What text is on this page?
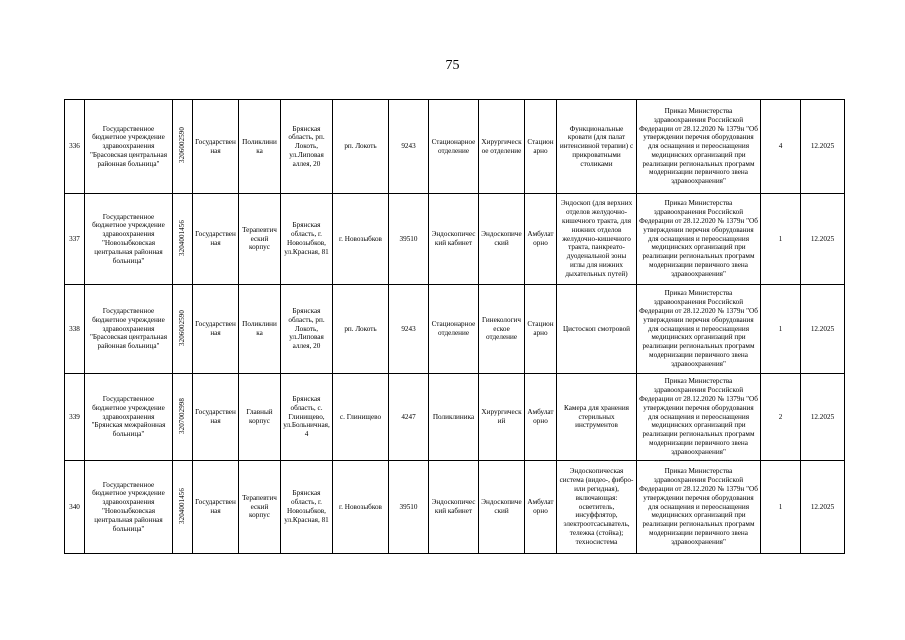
75
336	Государственное бюджетное учреждение здравоохранения "Брасовская центральная районная больница"	3206002590	Государственная	Поликлиника	Брянская область, рп. Локоть, ул.Липовая аллея, 20	рп. Локоть	9243	Стационарное отделение	Хирургическое отделение	Стационарно	Функциональные кровати (для палат интенсивной терапии) с прикроватными столиками	Приказ Министерства здравоохранения Российской Федерации от 28.12.2020 № 1379н "Об утверждении перечня оборудования для оснащения и переоснащения медицинских организаций при реализации региональных программ модернизации первичного звена здравоохранения"	4	12.2025
337	Государственное бюджетное учреждение здравоохранения "Новозыбковская центральная районная больница"	3204001456	Государственная	Терапевтический корпус	Брянская область, г. Новозыбков, ул.Красная, 81	г. Новозыбков	39510	Эндоскопический кабинет	Эндоскопический	Амбулаторно	Эндоскоп (для верхних отделов желудочно-кишечного тракта, для нижних отделов желудочно-кишечного тракта, панкреато-дуоденальной зоны иглы для нижних дыхательных путей)	Приказ Министерства здравоохранения Российской Федерации от 28.12.2020 № 1379н "Об утверждении перечня оборудования для оснащения и переоснащения медицинских организаций при реализации региональных программ модернизации первичного звена здравоохранения"	1	12.2025
338	Государственное бюджетное учреждение здравоохранения "Брасовская центральная районная больница"	3206002590	Государственная	Поликлиника	Брянская область, рп. Локоть, ул.Липовая аллея, 20	рп. Локоть	9243	Стационарное отделение	Гинекологическое отделение	Стационарно	Цистоскоп смотровой	Приказ Министерства здравоохранения Российской Федерации от 28.12.2020 № 1379н "Об утверждении перечня оборудования для оснащения и переоснащения медицинских организаций при реализации региональных программ модернизации первичного звена здравоохранения"	1	12.2025
339	Государственное бюджетное учреждение здравоохранения "Брянская межрайонная больница"	3207002998	Государственная	Главный корпус	Брянская область, с. Глинищево, ул.Больничная, 4	с. Глинищево	4247	Поликлиника	Хирургический	Амбулаторно	Камера для хранения стерильных инструментов	Приказ Министерства здравоохранения Российской Федерации от 28.12.2020 № 1379н "Об утверждении перечня оборудования для оснащения и переоснащения медицинских организаций при реализации региональных программ модернизации первичного звена здравоохранения"	2	12.2025
340	Государственное бюджетное учреждение здравоохранения "Новозыбковская центральная районная больница"	3204001456	Государственная	Терапевтический корпус	Брянская область, г. Новозыбков, ул.Красная, 81	г. Новозыбков	39510	Эндоскопический кабинет	Эндоскопический	Амбулаторно	Эндоскопическая система (видео-, фибро- или регидная), включающая: осветитель, инсуффлятор, электроотсасыватель, тележка (стойка); техносистема	Приказ Министерства здравоохранения Российской Федерации от 28.12.2020 № 1379н "Об утверждении перечня оборудования для оснащения и переоснащения медицинских организаций при реализации региональных программ модернизации первичного звена здравоохранения"	1	12.2025
